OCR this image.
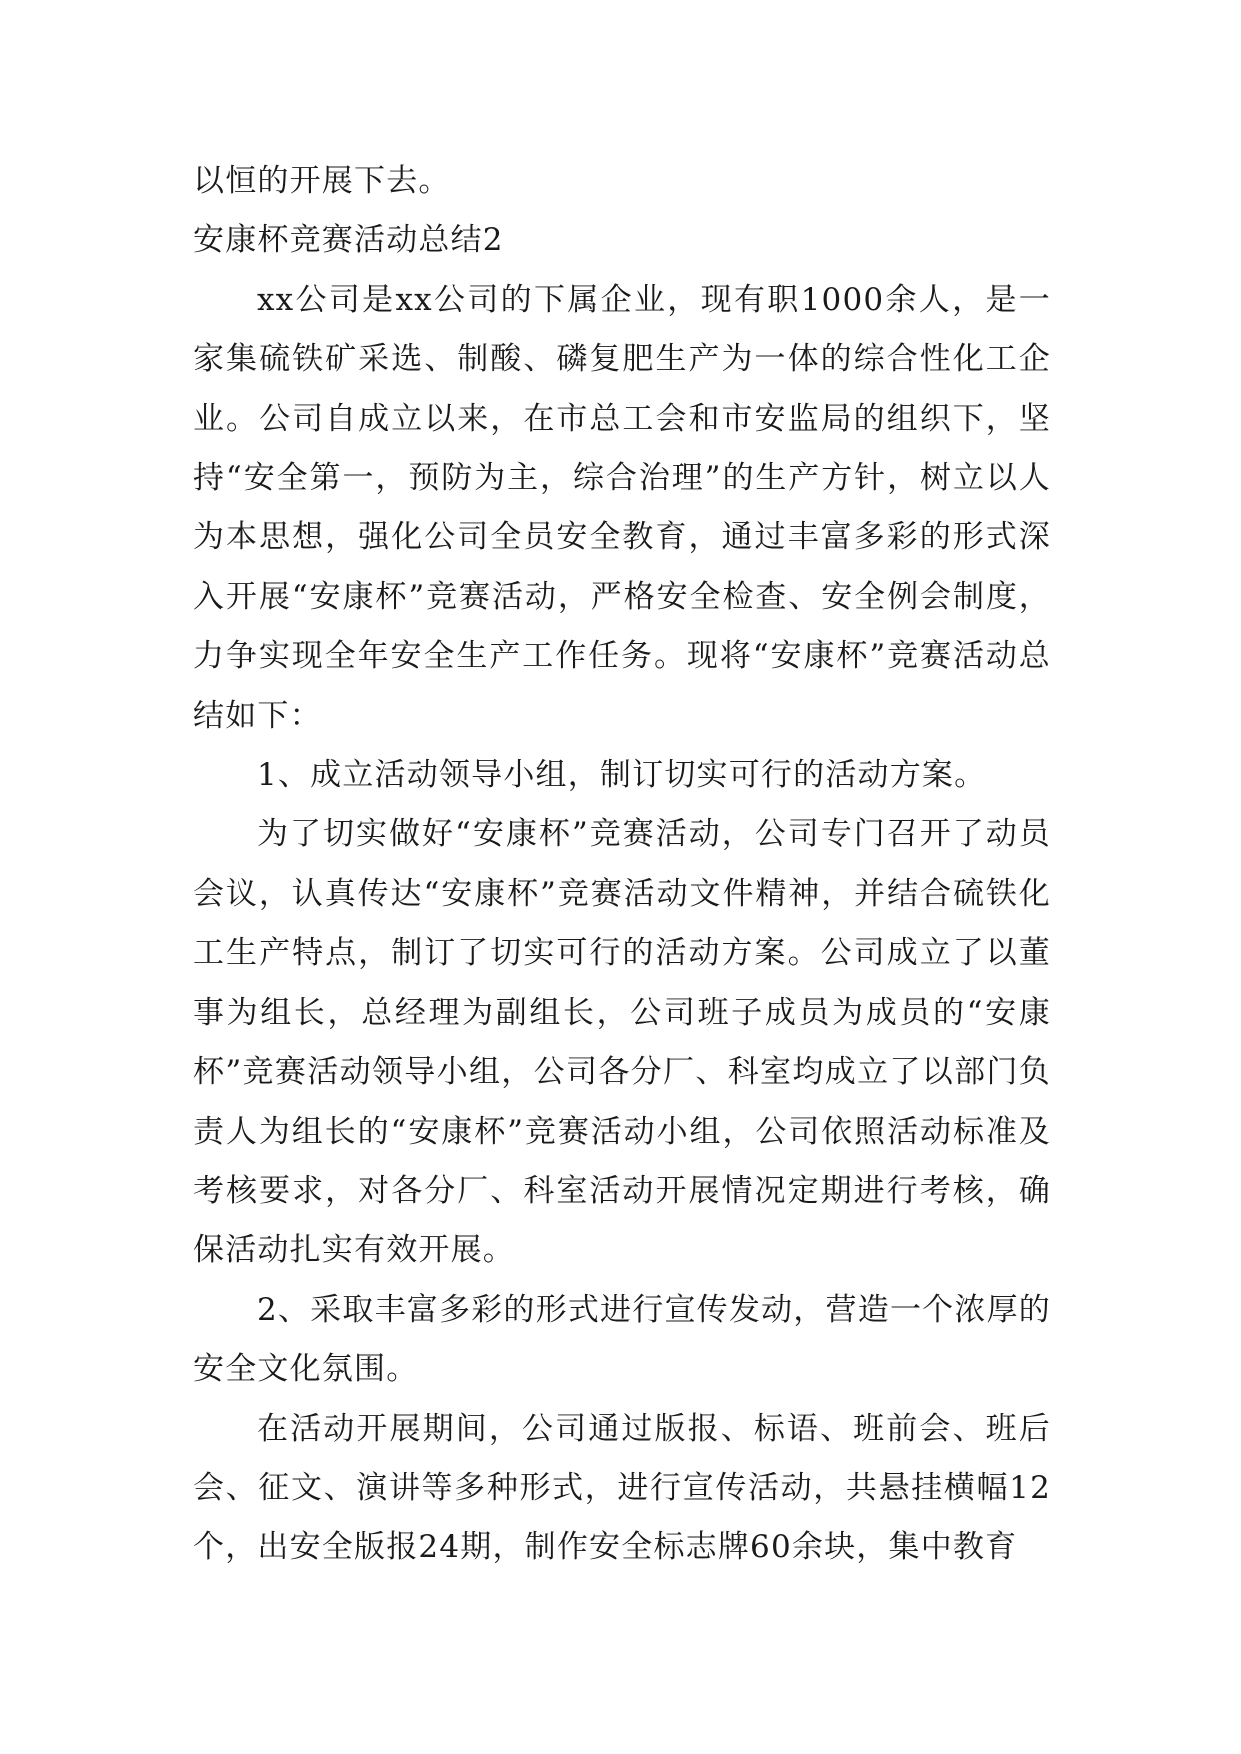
以恒的开展下去。

安康杯竞赛活动总结2

xx公司是xx公司的下属企业，现有职1000余人，是一家集硫铁矿采选、制酸、磷复肥生产为一体的综合性化工企业。公司自成立以来，在市总工会和市安监局的组织下，坚持“安全第一，预防为主，综合治理”的生产方针，树立以人为本思想，强化公司全员安全教育，通过丰富多彩的形式深入开展“安康杯”竞赛活动，严格安全检查、安全例会制度，力争实现全年安全生产工作任务。现将“安康杯”竞赛活动总结如下：

1、成立活动领导小组，制订切实可行的活动方案。

为了切实做好“安康杯”竞赛活动，公司专门召开了动员会议，认真传达“安康杯”竞赛活动文件精神，并结合硫铁化工生产特点，制订了切实可行的活动方案。公司成立了以董事为组长，总经理为副组长，公司班子成员为成员的“安康杯”竞赛活动领导小组，公司各分厂、科室均成立了以部门负责人为组长的“安康杯”竞赛活动小组，公司依照活动标准及考核要求，对各分厂、科室活动开展情况定期进行考核，确保活动扎实有效开展。

2、采取丰富多彩的形式进行宣传发动，营造一个浓厚的安全文化氛围。

在活动开展期间，公司通过版报、标语、班前会、班后会、征文、演讲等多种形式，进行宣传活动，共悬挂横幅12个，出安全版报24期，制作安全标志牌60余块，集中教育
